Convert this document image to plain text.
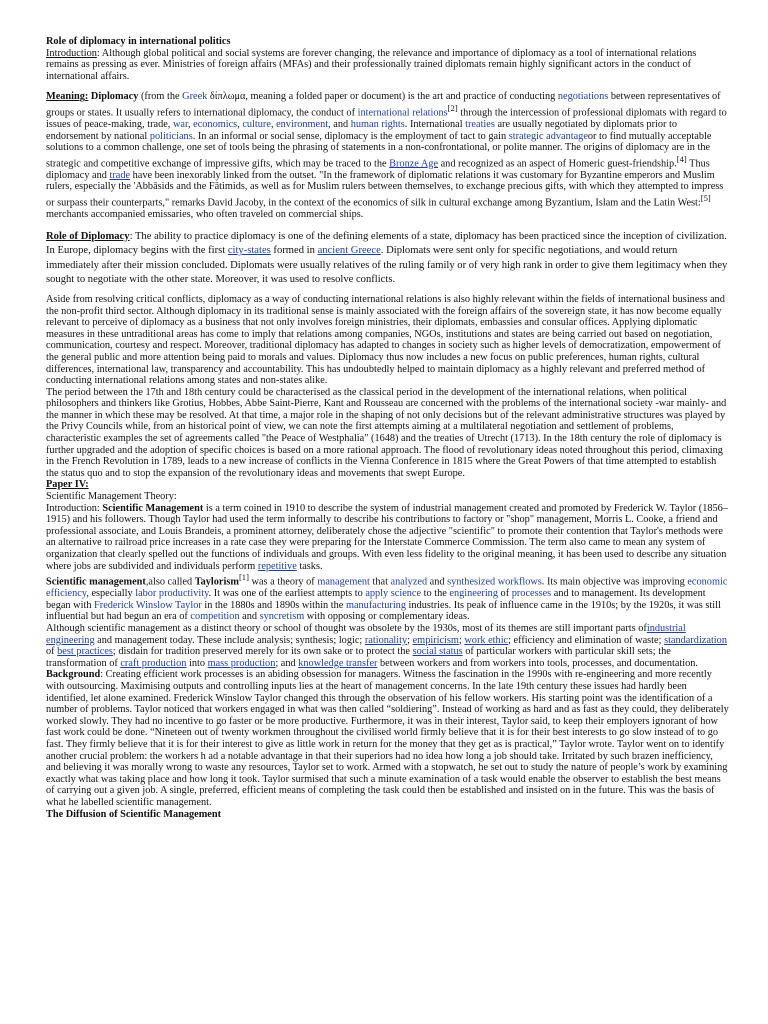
Role of diplomacy in international politics

Introduction: Although global political and social systems are forever changing, the relevance and importance of diplomacy as a tool of international relations remains as pressing as ever. Ministries of foreign affairs (MFAs) and their professionally trained diplomats remain highly significant actors in the conduct of international affairs.

Meaning: Diplomacy (from the Greek δίπλωμα, meaning a folded paper or document) is the art and practice of conducting negotiations between representatives of groups or states. It usually refers to international diplomacy, the conduct of international relations[2] through the intercession of professional diplomats with regard to issues of peace-making, trade, war, economics, culture, environment, and human rights. International treaties are usually negotiated by diplomats prior to endorsement by national politicians. In an informal or social sense, diplomacy is the employment of tact to gain strategic advantageor to find mutually acceptable solutions to a common challenge, one set of tools being the phrasing of statements in a non-confrontational, or polite manner. The origins of diplomacy are in the strategic and competitive exchange of impressive gifts, which may be traced to the Bronze Age and recognized as an aspect of Homeric guest-friendship.[4] Thus diplomacy and trade have been inexorably linked from the outset. "In the framework of diplomatic relations it was customary for Byzantine emperors and Muslim rulers, especially the 'Abbāsids and the Fātimids, as well as for Muslim rulers between themselves, to exchange precious gifts, with which they attempted to impress or surpass their counterparts," remarks David Jacoby, in the context of the economics of silk in cultural exchange among Byzantium, Islam and the Latin West:[5] merchants accompanied emissaries, who often traveled on commercial ships.

Role of Diplomacy: The ability to practice diplomacy is one of the defining elements of a state, diplomacy has been practiced since the inception of civilization. In Europe, diplomacy begins with the first city-states formed in ancient Greece. Diplomats were sent only for specific negotiations, and would return immediately after their mission concluded. Diplomats were usually relatives of the ruling family or of very high rank in order to give them legitimacy when they sought to negotiate with the other state. Moreover, it was used to resolve conflicts.

Aside from resolving critical conflicts, diplomacy as a way of conducting international relations is also highly relevant within the fields of international business and the non-profit third sector. Although diplomacy in its traditional sense is mainly associated with the foreign affairs of the sovereign state, it has now become equally relevant to perceive of diplomacy as a business that not only involves foreign ministries, their diplomats, embassies and consular offices. Applying diplomatic measures in these untraditional areas has come to imply that relations among companies, NGOs, institutions and states are being carried out based on negotiation, communication, courtesy and respect. Moreover, traditional diplomacy has adapted to changes in society such as higher levels of democratization, empowerment of the general public and more attention being paid to morals and values. Diplomacy thus now includes a new focus on public preferences, human rights, cultural differences, international law, transparency and accountability. This has undoubtedly helped to maintain diplomacy as a highly relevant and preferred method of conducting international relations among states and non-states alike.

The period between the 17th and 18th century could be characterised as the classical period in the development of the international relations, when political philosophers and thinkers like Grotius, Hobbes, Abbe Saint-Pierre, Kant and Rousseau are concerned with the problems of the international society -war mainly- and the manner in which these may be resolved. At that time, a major role in the shaping of not only decisions but of the relevant administrative structures was played by the Privy Councils while, from an historical point of view, we can note the first attempts aiming at a multilateral negotiation and settlement of problems, characteristic examples the set of agreements called "the Peace of Westphalia" (1648) and the treaties of Utrecht (1713). In the 18th century the role of diplomacy is further upgraded and the adoption of specific choices is based on a more rational approach. The flood of revolutionary ideas noted throughout this period, climaxing in the French Revolution in 1789, leads to a new increase of conflicts in the Vienna Conference in 1815 where the Great Powers of that time attempted to establish the status quo and to stop the expansion of the revolutionary ideas and movements that swept Europe.

Paper IV:

Scientific Management Theory:

Introduction: Scientific Management is a term coined in 1910 to describe the system of industrial management created and promoted by Frederick W. Taylor (1856– 1915) and his followers. Though Taylor had used the term informally to describe his contributions to factory or "shop" management, Morris L. Cooke, a friend and professional associate, and Louis Brandeis, a prominent attorney, deliberately chose the adjective "scientific" to promote their contention that Taylor's methods were an alternative to railroad price increases in a rate case they were preparing for the Interstate Commerce Commission. The term also came to mean any system of organization that clearly spelled out the functions of individuals and groups. With even less fidelity to the original meaning, it has been used to describe any situation where jobs are subdivided and individuals perform repetitive tasks.

Scientific management,also called Taylorism[1] was a theory of management that analyzed and synthesized workflows. Its main objective was improving economic efficiency, especially labor productivity. It was one of the earliest attempts to apply science to the engineering of processes and to management. Its development began with Frederick Winslow Taylor in the 1880s and 1890s within the manufacturing industries. Its peak of influence came in the 1910s; by the 1920s, it was still influential but had begun an era of competition and syncretism with opposing or complementary ideas.

Although scientific management as a distinct theory or school of thought was obsolete by the 1930s, most of its themes are still important parts ofindustrial engineering and management today. These include analysis; synthesis; logic; rationality; empiricism; work ethic; efficiency and elimination of waste; standardization of best practices; disdain for tradition preserved merely for its own sake or to protect the social status of particular workers with particular skill sets; the transformation of craft production into mass production; and knowledge transfer between workers and from workers into tools, processes, and documentation.

Background: Creating efficient work processes is an abiding obsession for managers. Witness the fascination in the 1990s with re-engineering and more recently with outsourcing. Maximising outputs and controlling inputs lies at the heart of management concerns. In the late 19th century these issues had hardly been identified, let alone examined. Frederick Winslow Taylor changed this through the observation of his fellow workers. His starting point was the identification of a number of problems. Taylor noticed that workers engaged in what was then called “soldiering”. Instead of working as hard and as fast as they could, they deliberately worked slowly. They had no incentive to go faster or be more productive. Furthermore, it was in their interest, Taylor said, to keep their employers ignorant of how fast work could be done. “Nineteen out of twenty workmen throughout the civilised world firmly believe that it is for their best interests to go slow instead of to go fast. They firmly believe that it is for their interest to give as little work in return for the money that they get as is practical,” Taylor wrote. Taylor went on to identify another crucial problem: the workers h ad a notable advantage in that their superiors had no idea how long a job should take. Irritated by such brazen inefficiency, and believing it was morally wrong to waste any resources, Taylor set to work. Armed with a stopwatch, he set out to study the nature of people’s work by examining exactly what was taking place and how long it took. Taylor surmised that such a minute examination of a task would enable the observer to establish the best means of carrying out a given job. A single, preferred, efficient means of completing the task could then be established and insisted on in the future. This was the basis of what he labelled scientific management.

The Diffusion of Scientific Management
